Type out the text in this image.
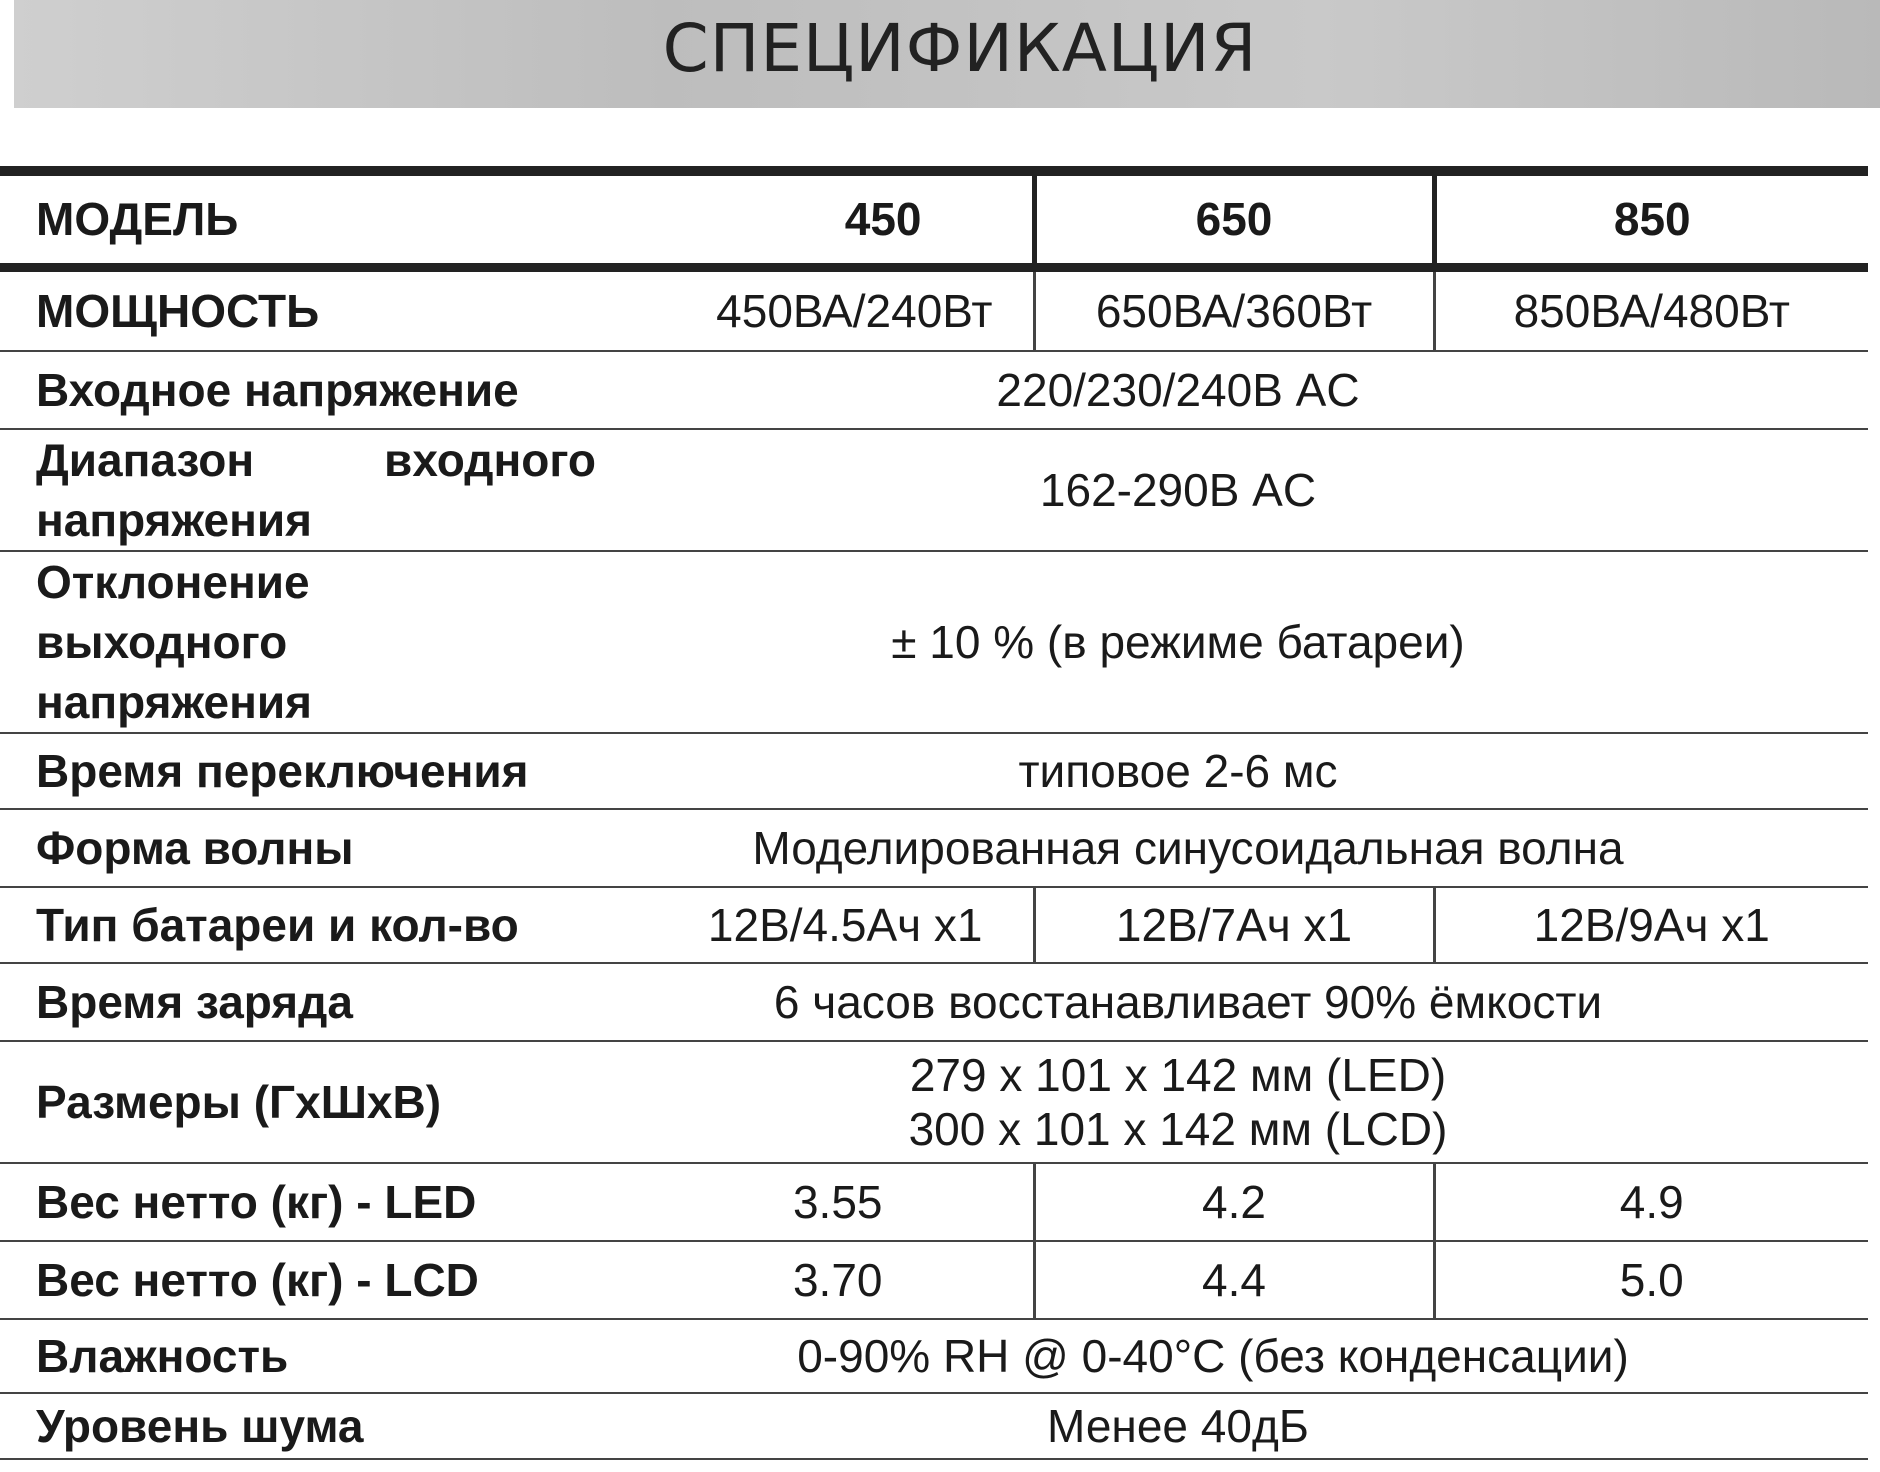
СПЕЦИФИКАЦИЯ
МОДЕЛЬ	450	650	850
МОЩНОСТЬ	450ВА/240Вт	650ВА/360Вт	850ВА/480Вт
Входное напряжение	220/230/240В AC		

Диапазон входного
напряжения	162-290В AC		

Отклонение
выходного
напряжения	± 10 % (в режиме батареи)		
Время переключения	типовое 2-6 мс		
Форма волны	Моделированная синусоидальная волна		
Тип батареи и кол-во	12В/4.5Ач x1	12В/7Ач x1	12В/9Ач x1
Время заряда	6 часов восстанавливает 90% ёмкости		
Размеры (ГхШхВ)	279 х 101 х 142 мм (LED)
300 х 101 х 142 мм (LCD)		

Вес нетто (кг) - LED	3.55	4.2	4.9
Вес нетто (кг) - LCD	3.70	4.4	5.0
Влажность	0-90% RH @ 0-40°C (без конденсации)		
Уровень шума	Менее 40дБ		
